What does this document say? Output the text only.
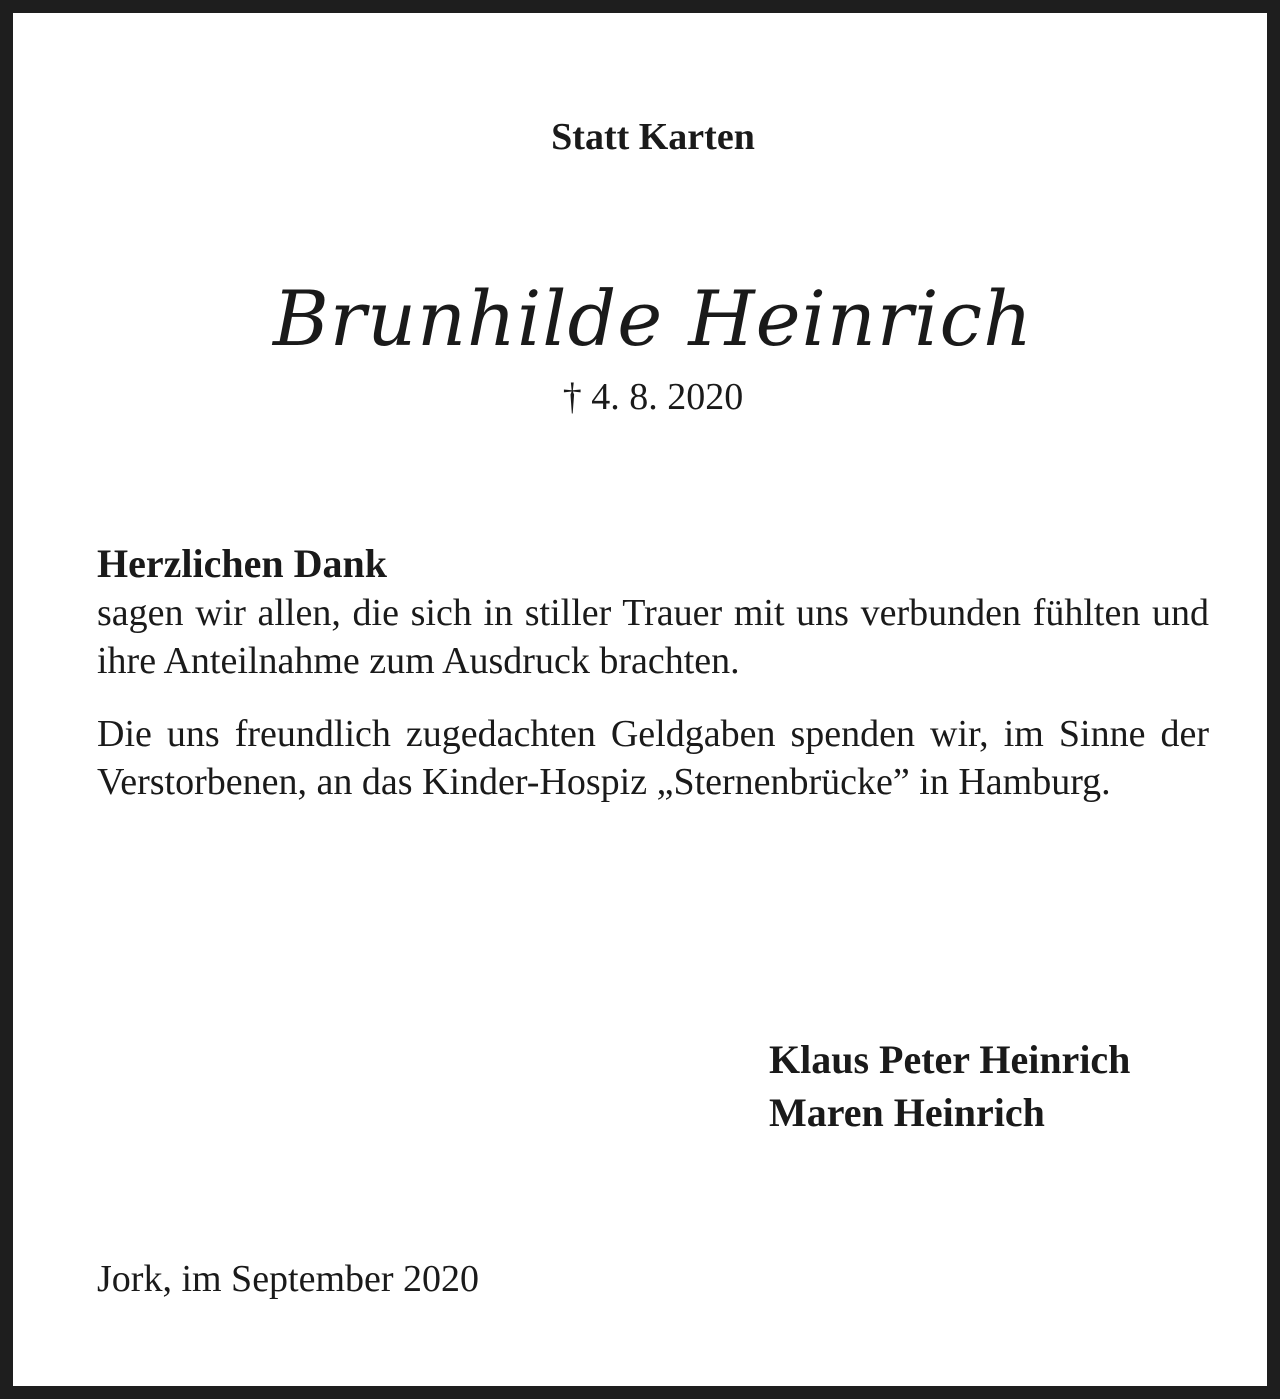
Statt Karten
Brunhilde Heinrich
† 4. 8. 2020
Herzlichen Dank

sagen wir allen, die sich in stiller Trauer mit uns verbunden fühlten und ihre Anteilnahme zum Ausdruck brachten.

Die uns freundlich zugedachten Geldgaben spenden wir, im Sinne der Verstorbenen, an das Kinder-Hospiz „Sternenbrücke” in Hamburg.

Klaus Peter Heinrich
Maren Heinrich
Jork, im September 2020
